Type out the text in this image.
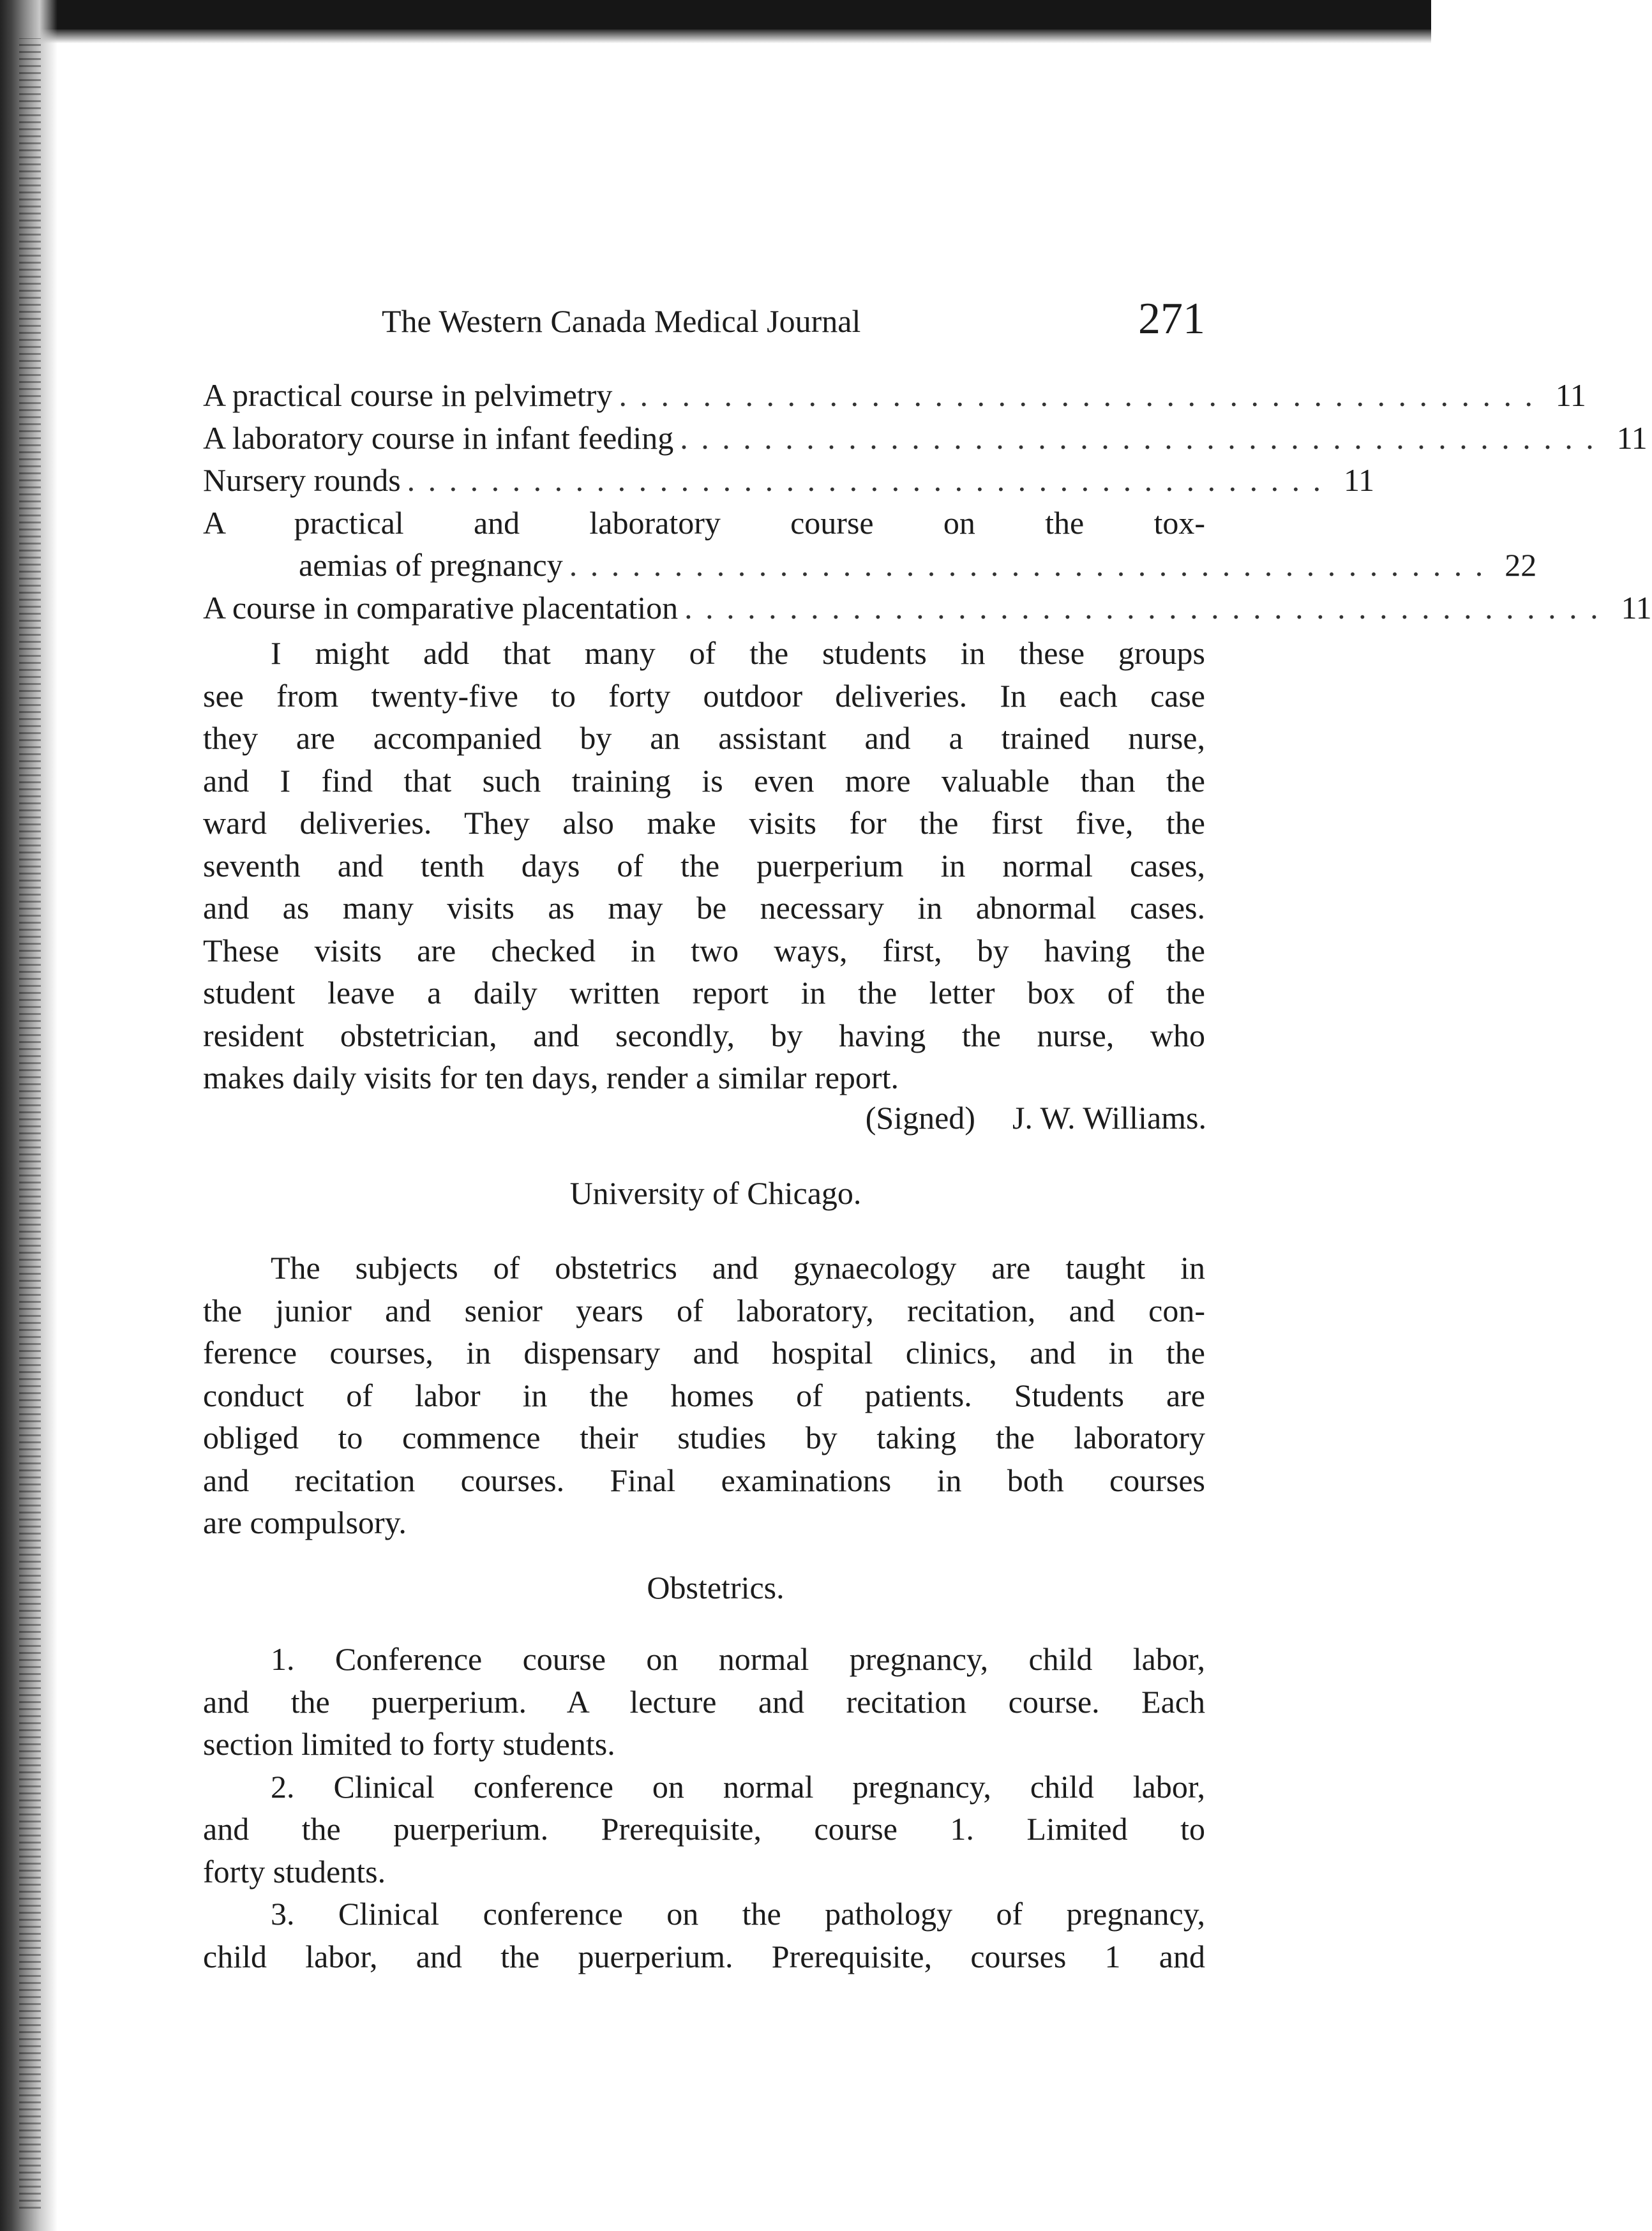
The Western Canada Medical Journal	271
A practical course in pelvimetry . . . . . . . . . . . . . . . . . . . . . . . . . . . . . . . . . . . . . . . . . . . . 11
A laboratory course in infant feeding . . . . . . . . . . . . . . . . . . . . . . . . . . . . . . . . . . . . . . . . . . . . 11
Nursery rounds . . . . . . . . . . . . . . . . . . . . . . . . . . . . . . . . . . . . . . . . . . . . 11
A practical and laboratory course on the tox-
aemias of pregnancy . . . . . . . . . . . . . . . . . . . . . . . . . . . . . . . . . . . . . . . . . . . . 22
A course in comparative placentation . . . . . . . . . . . . . . . . . . . . . . . . . . . . . . . . . . . . . . . . . . . . 11
I might add that many of the students in these groups
see from twenty-five to forty outdoor deliveries. In each case
they are accompanied by an assistant and a trained nurse,
and I find that such training is even more valuable than the
ward deliveries. They also make visits for the first five, the
seventh and tenth days of the puerperium in normal cases,
and as many visits as may be necessary in abnormal cases.
These visits are checked in two ways, first, by having the
student leave a daily written report in the letter box of the
resident obstetrician, and secondly, by having the nurse, who
makes daily visits for ten days, render a similar report.
(Signed) J. W. Williams.
University of Chicago.
The subjects of obstetrics and gynaecology are taught in
the junior and senior years of laboratory, recitation, and con-
ference courses, in dispensary and hospital clinics, and in the
conduct of labor in the homes of patients. Students are
obliged to commence their studies by taking the laboratory
and recitation courses. Final examinations in both courses
are compulsory.
Obstetrics.
1. Conference course on normal pregnancy, child labor,
and the puerperium. A lecture and recitation course. Each
section limited to forty students.
2. Clinical conference on normal pregnancy, child labor,
and the puerperium. Prerequisite, course 1. Limited to
forty students.
3. Clinical conference on the pathology of pregnancy,
child labor, and the puerperium. Prerequisite, courses 1 and
